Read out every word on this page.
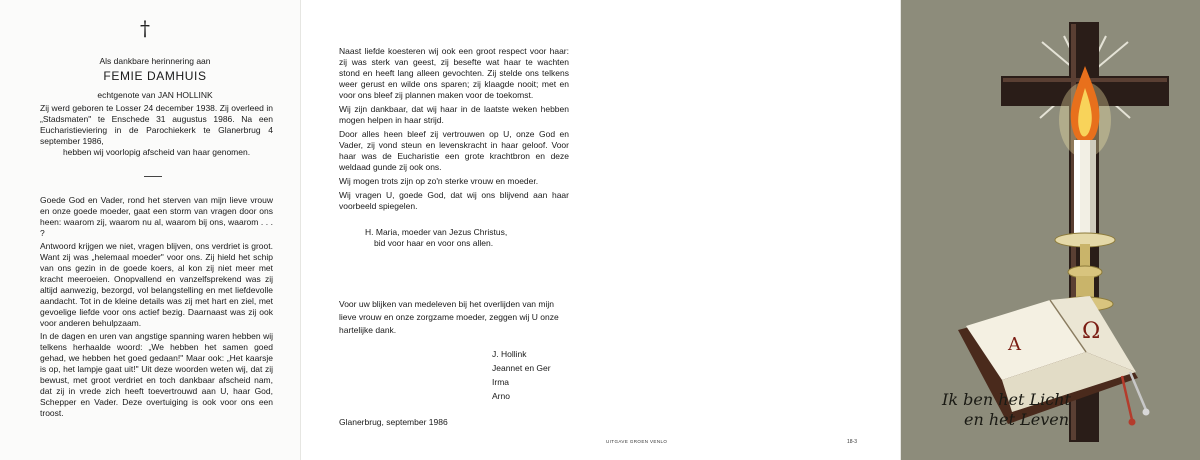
†
Als dankbare herinnering aan
FEMIE DAMHUIS
echtgenote van JAN HOLLINK
Zij werd geboren te Losser 24 december 1938. Zij overleed in „Stadsmaten" te Enschede 31 augustus 1986. Na een Eucharistieviering in de Parochiekerk te Glanerbrug 4 september 1986,
hebben wij voorlopig afscheid van haar genomen.

Goede God en Vader, rond het sterven van mijn lieve vrouw en onze goede moeder, gaat een storm van vragen door ons heen: waarom zij, waarom nu al, waarom bij ons, waarom . . . ?

Antwoord krijgen we niet, vragen blijven, ons verdriet is groot. Want zij was „helemaal moeder" voor ons. Zij hield het schip van ons gezin in de goede koers, al kon zij niet meer met kracht meeroeien. Onopvallend en vanzelfsprekend was zij altijd aanwezig, bezorgd, vol belangstelling en met liefdevolle aandacht. Tot in de kleine details was zij met hart en ziel, met gevoelige liefde voor ons actief bezig. Daarnaast was zij ook voor anderen behulpzaam.

In de dagen en uren van angstige spanning waren hebben wij telkens herhaalde woord: „We hebben het samen goed gehad, we hebben het goed gedaan!" Maar ook: „Het kaarsje is op, het lampje gaat uit!" Uit deze woorden weten wij, dat zij bewust, met groot verdriet en toch dankbaar afscheid nam, dat zij in vrede zich heeft toevertrouwd aan U, haar God, Schepper en Vader. Deze overtuiging is ook voor ons een troost.

Naast liefde koesteren wij ook een groot respect voor haar: zij was sterk van geest, zij besefte wat haar te wachten stond en heeft lang alleen gevochten. Zij stelde ons telkens weer gerust en wilde ons sparen; zij klaagde nooit; met en voor ons bleef zij plannen maken voor de toekomst.

Wij zijn dankbaar, dat wij haar in de laatste weken hebben mogen helpen in haar strijd.

Door alles heen bleef zij vertrouwen op U, onze God en Vader, zij vond steun en levenskracht in haar geloof. Voor haar was de Eucharistie een grote krachtbron en deze weldaad gunde zij ook ons.

Wij mogen trots zijn op zo'n sterke vrouw en moeder.

Wij vragen U, goede God, dat wij ons blijvend aan haar voorbeeld spiegelen.

H. Maria, moeder van Jezus Christus,
bid voor haar en voor ons allen.
Voor uw blijken van medeleven bij het overlijden van mijn lieve vrouw en onze zorgzame moeder, zeggen wij U onze hartelijke dank.
J. Hollink
Jeannet en Ger
Irma
Arno
Glanerbrug, september 1986
UITGAVE GROEN VENLO	18-3
A
Ω
Ik ben het Licht
en het Leven
